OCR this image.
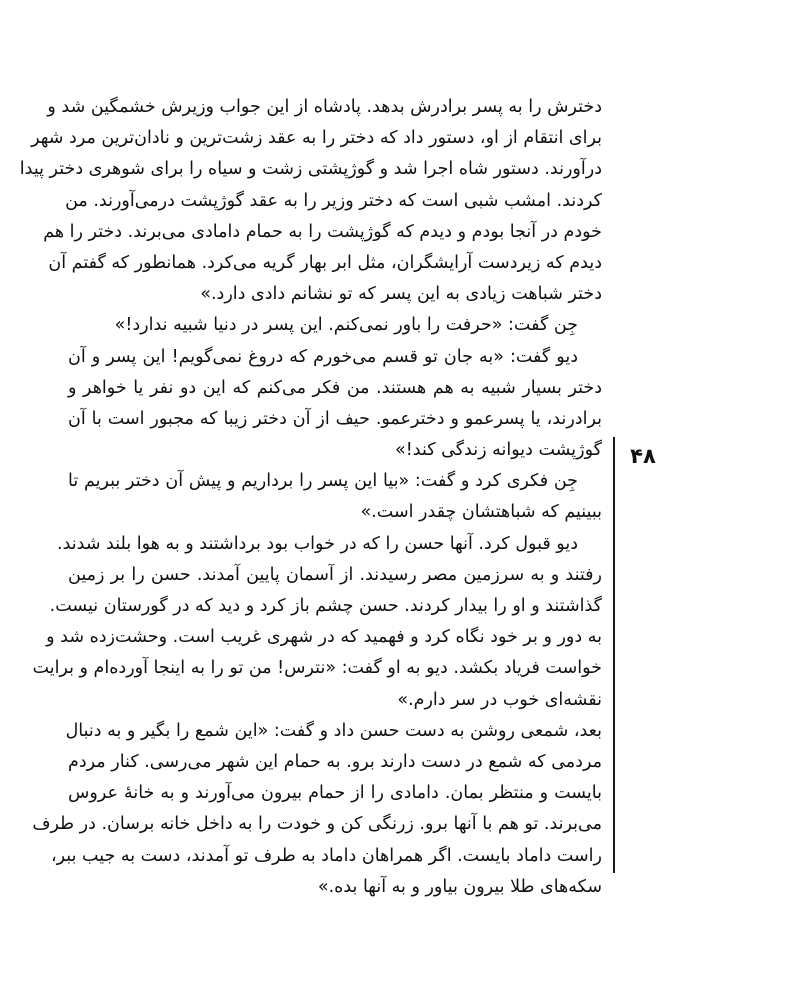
دخترش را به پسر برادرش بدهد. پادشاه از این جواب وزیرش خشمگین شد و
برای انتقام از او، دستور داد که دختر را به عقد زشت‌ترین و نادان‌ترین مرد شهر
درآورند. دستور شاه اجرا شد و گوژپشتی زشت و سیاه را برای شوهری دختر پیدا
کردند. امشب شبی است که دختر وزیر را به عقد گوژپشت درمی‌آورند. من
خودم در آنجا بودم و دیدم که گوژپشت را به حمام دامادی می‌برند. دختر را هم
دیدم که زیردست آرایشگران، مثل ابر بهار گریه می‌کرد. همانطور که گفتم آن
دختر شباهت زیادی به این پسر که تو نشانم دادی دارد.»
جِن گفت: «حرفت را باور نمی‌کنم. این پسر در دنیا شبیه ندارد!»
دیو گفت: «به جان تو قسم می‌خورم که دروغ نمی‌گویم! این پسر و آن
دختر بسیار شبیه به هم هستند. من فکر می‌کنم که این دو نفر یا خواهر و
برادرند، یا پسرعمو و دخترعمو. حیف از آن دختر زیبا که مجبور است با آن
گوژپشت دیوانه زندگی کند!»
جِن فکری کرد و گفت: «بیا این پسر را برداریم و پیش آن دختر ببریم تا
ببینیم که شباهتشان چقدر است.»
دیو قبول کرد. آنها حسن را که در خواب بود برداشتند و به هوا بلند شدند.
رفتند و به سرزمین مصر رسیدند. از آسمان پایین آمدند. حسن را بر زمین
گذاشتند و او را بیدار کردند. حسن چشم باز کرد و دید که در گورستان نیست.
به دور و بر خود نگاه کرد و فهمید که در شهری غریب است. وحشت‌زده شد و
خواست فریاد بکشد. دیو به او گفت: «نترس! من تو را به اینجا آورده‌ام و برایت
نقشه‌ای خوب در سر دارم.»
بعد، شمعی روشن به دست حسن داد و گفت: «این شمع را بگیر و به دنبال
مردمی که شمع در دست دارند برو. به حمام این شهر می‌رسی. کنار مردم
بایست و منتظر بمان. دامادی را از حمام بیرون می‌آورند و به خانهٔ عروس
می‌برند. تو هم با آنها برو. زرنگی کن و خودت را به داخل خانه برسان. در طرف
راست داماد بایست. اگر همراهان داماد به طرف تو آمدند، دست به جیب ببر،
سکه‌های طلا بیرون بیاور و به آنها بده.»
۴۸
